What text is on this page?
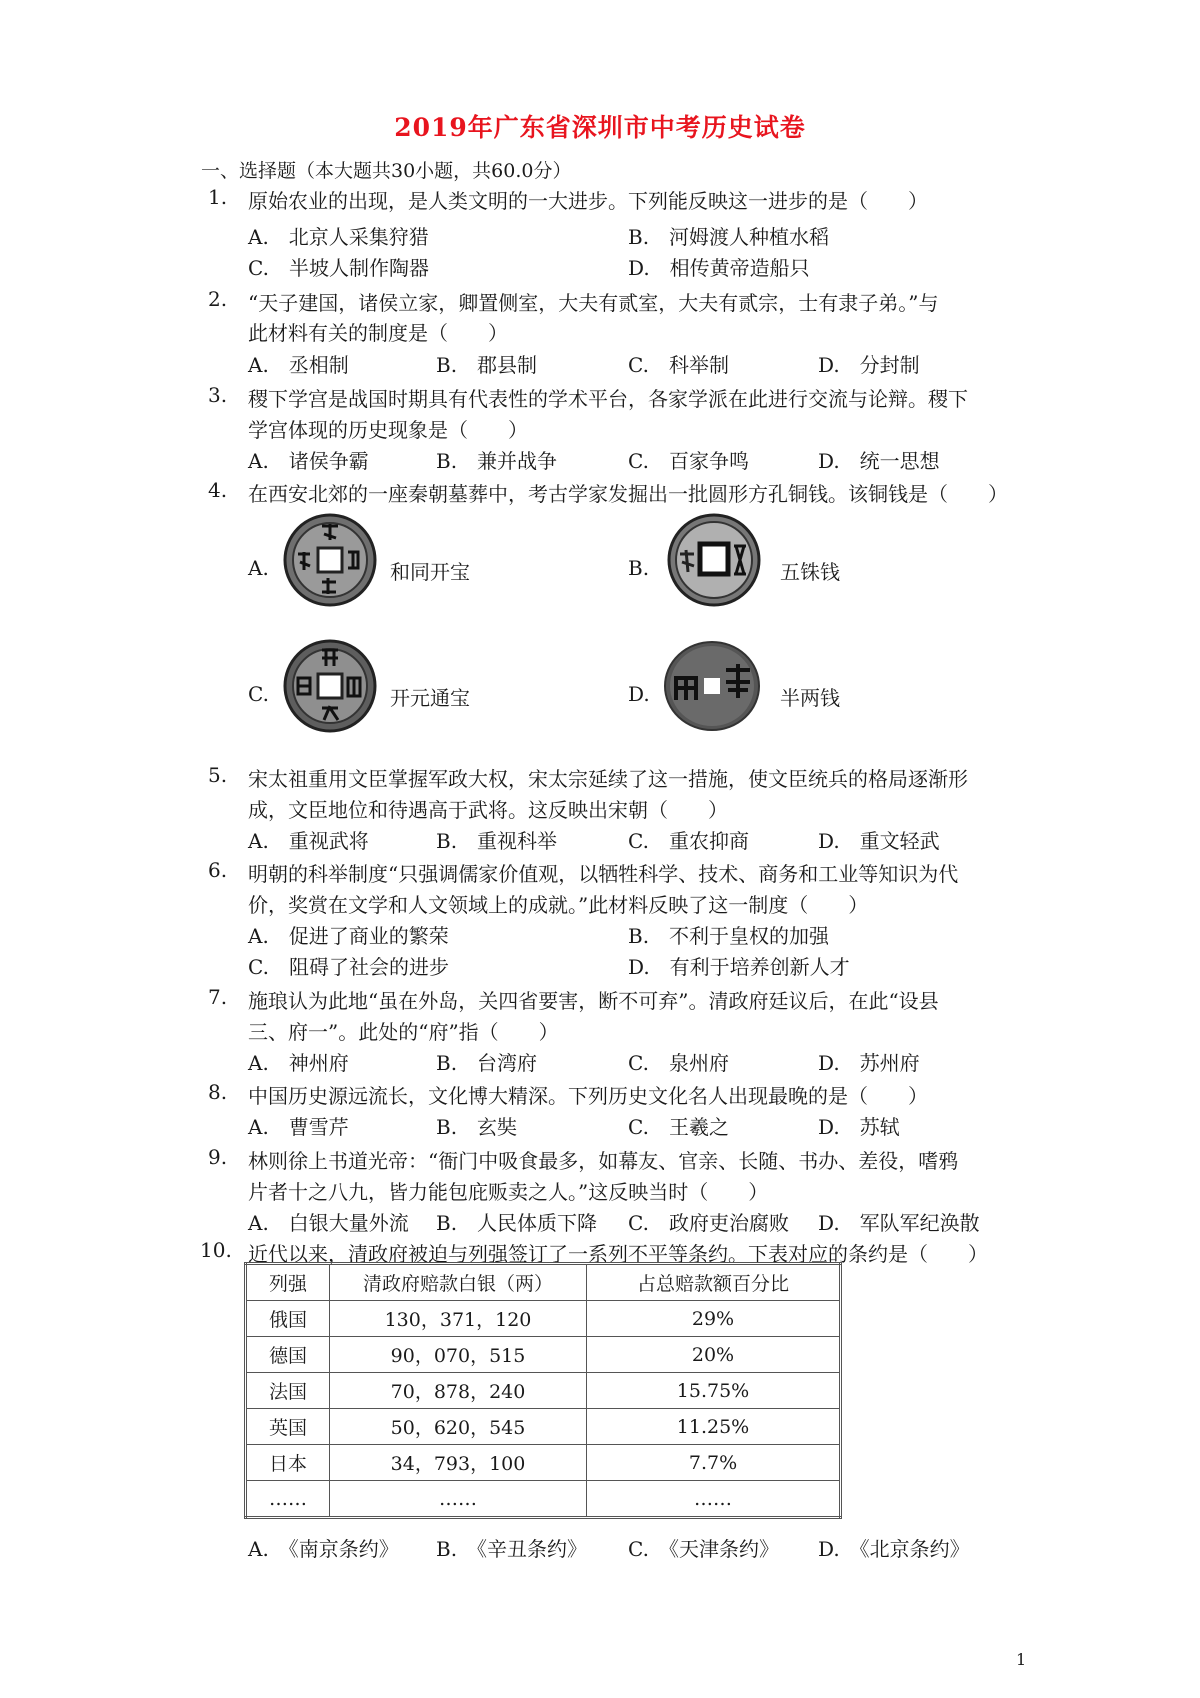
2019年广东省深圳市中考历史试卷
一、选择题（本大题共30小题，共60.0分）
1. 原始农业的出现，是人类文明的一大进步。下列能反映这一进步的是（　　）
A.　北京人采集狩猎	B.　河姆渡人种植水稻
C.　半坡人制作陶器	D.　相传黄帝造船只
2. “天子建国，诸侯立家，卿置侧室，大夫有贰室，大夫有贰宗，士有隶子弟。”与
此材料有关的制度是（　　）
A.　丞相制	B.　郡县制	C.　科举制	D.　分封制
3. 稷下学宫是战国时期具有代表性的学术平台，各家学派在此进行交流与论辩。稷下
学宫体现的历史现象是（　　）
A.　诸侯争霸	B.　兼并战争	C.　百家争鸣	D.　统一思想
4. 在西安北郊的一座秦朝墓葬中，考古学家发掘出一批圆形方孔铜钱。该铜钱是（　　）
A.	和同开宝	B.	五铢钱
C.	开元通宝	D.	半两钱
5. 宋太祖重用文臣掌握军政大权，宋太宗延续了这一措施，使文臣统兵的格局逐渐形
成，文臣地位和待遇高于武将。这反映出宋朝（　　）
A.　重视武将	B.　重视科举	C.　重农抑商	D.　重文轻武
6. 明朝的科举制度“只强调儒家价值观，以牺牲科学、技术、商务和工业等知识为代
价，奖赏在文学和人文领域上的成就。”此材料反映了这一制度（　　）
A.　促进了商业的繁荣	B.　不利于皇权的加强
C.　阻碍了社会的进步	D.　有利于培养创新人才
7. 施琅认为此地“虽在外岛，关四省要害，断不可弃”。清政府廷议后，在此“设县
三、府一”。此处的“府”指（　　）
A.　神州府	B.　台湾府	C.　泉州府	D.　苏州府
8. 中国历史源远流长，文化博大精深。下列历史文化名人出现最晚的是（　　）
A.　曹雪芹	B.　玄奘	C.　王羲之	D.　苏轼
9. 林则徐上书道光帝：“衙门中吸食最多，如幕友、官亲、长随、书办、差役，嗜鸦
片者十之八九，皆力能包庇贩卖之人。”这反映当时（　　）
A.　白银大量外流 B.　人民体质下降 C.　政府吏治腐败 D.　军队军纪涣散
10. 近代以来，清政府被迫与列强签订了一系列不平等条约。下表对应的条约是（　　）
列强	清政府赔款白银（两）	占总赔款额百分比
俄国	130，371，120	29%
德国	90，070，515	20%
法国	70，878，240	15.75%
英国	50，620，545	11.25%
日本	34，793，100	7.7%
……	……	……
A.　《南京条约》 B.　《辛丑条约》 C.　《天津条约》 D.　《北京条约》
1
